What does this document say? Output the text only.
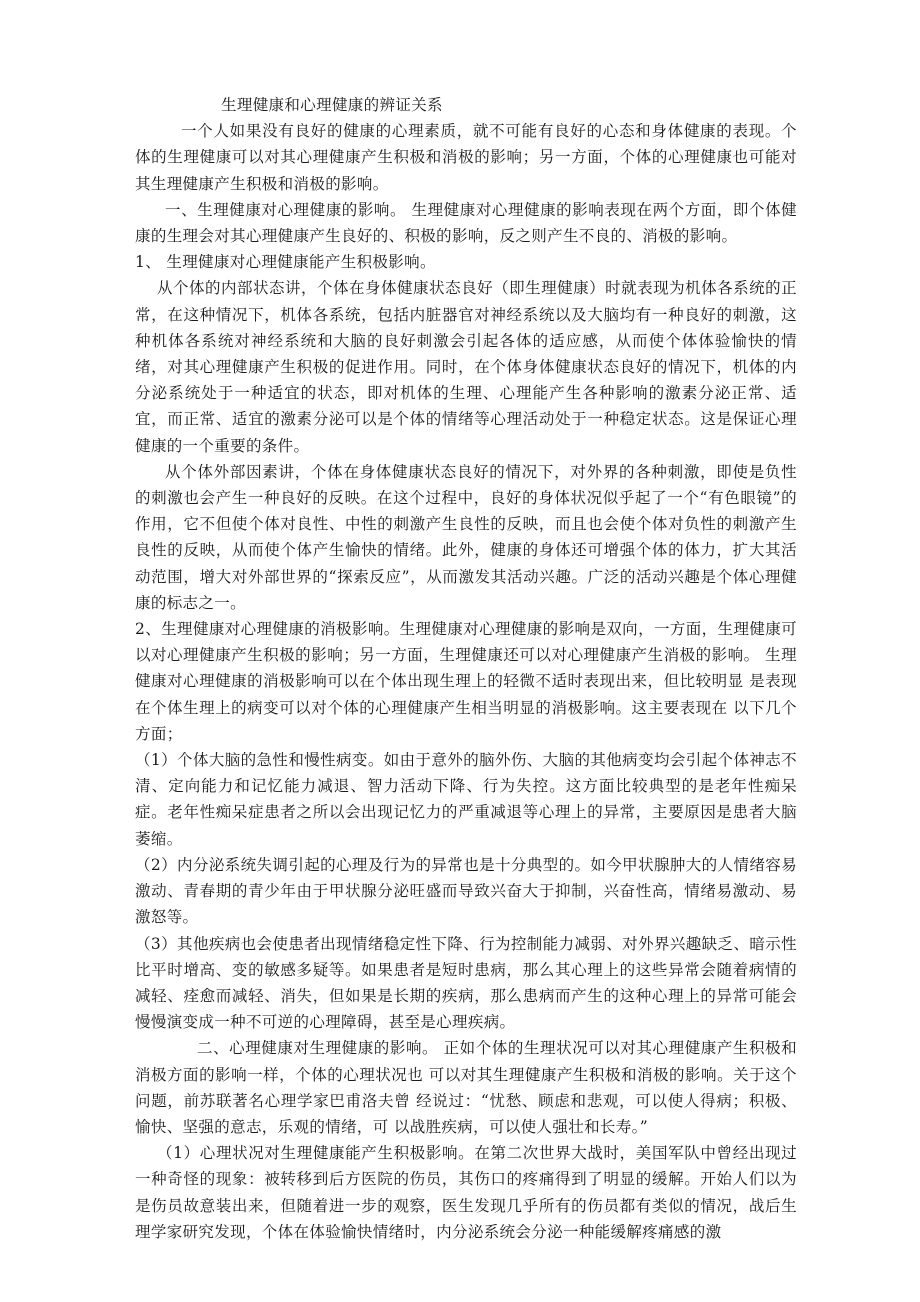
生理健康和心理健康的辨证关系

一个人如果没有良好的健康的心理素质，就不可能有良好的心态和身体健康的表现。个体的生理健康可以对其心理健康产生积极和消极的影响；另一方面，个体的心理健康也可能对其生理健康产生积极和消极的影响。

一、生理健康对心理健康的影响。 生理健康对心理健康的影响表现在两个方面，即个体健康的生理会对其心理健康产生良好的、积极的影响，反之则产生不良的、消极的影响。

1、 生理健康对心理健康能产生积极影响。

从个体的内部状态讲，个体在身体健康状态良好（即生理健康）时就表现为机体各系统的正常，在这种情况下，机体各系统，包括内脏器官对神经系统以及大脑均有一种良好的刺激，这种机体各系统对神经系统和大脑的良好刺激会引起各体的适应感，从而使个体体验愉快的情绪，对其心理健康产生积极的促进作用。同时，在个体身体健康状态良好的情况下，机体的内分泌系统处于一种适宜的状态，即对机体的生理、心理能产生各种影响的激素分泌正常、适宜，而正常、适宜的激素分泌可以是个体的情绪等心理活动处于一种稳定状态。这是保证心理健康的一个重要的条件。

从个体外部因素讲，个体在身体健康状态良好的情况下，对外界的各种刺激，即使是负性的刺激也会产生一种良好的反映。在这个过程中，良好的身体状况似乎起了一个“有色眼镜”的作用，它不但使个体对良性、中性的刺激产生良性的反映，而且也会使个体对负性的刺激产生良性的反映，从而使个体产生愉快的情绪。此外，健康的身体还可增强个体的体力，扩大其活动范围，增大对外部世界的“探索反应”，从而激发其活动兴趣。广泛的活动兴趣是个体心理健康的标志之一。

2、生理健康对心理健康的消极影响。生理健康对心理健康的影响是双向，一方面，生理健康可以对心理健康产生积极的影响；另一方面，生理健康还可以对心理健康产生消极的影响。 生理健康对心理健康的消极影响可以在个体出现生理上的轻微不适时表现出来，但比较明显 是表现在个体生理上的病变可以对个体的心理健康产生相当明显的消极影响。这主要表现在 以下几个方面；

（1）个体大脑的急性和慢性病变。如由于意外的脑外伤、大脑的其他病变均会引起个体神志不清、定向能力和记忆能力减退、智力活动下降、行为失控。这方面比较典型的是老年性痴呆症。老年性痴呆症患者之所以会出现记忆力的严重减退等心理上的异常，主要原因是患者大脑萎缩。

（2）内分泌系统失调引起的心理及行为的异常也是十分典型的。如今甲状腺肿大的人情绪容易激动、青春期的青少年由于甲状腺分泌旺盛而导致兴奋大于抑制，兴奋性高，情绪易激动、易激怒等。

（3）其他疾病也会使患者出现情绪稳定性下降、行为控制能力减弱、对外界兴趣缺乏、暗示性比平时增高、变的敏感多疑等。如果患者是短时患病，那么其心理上的这些异常会随着病情的减轻、痊愈而减轻、消失，但如果是长期的疾病，那么患病而产生的这种心理上的异常可能会慢慢演变成一种不可逆的心理障碍，甚至是心理疾病。

二、心理健康对生理健康的影响。 正如个体的生理状况可以对其心理健康产生积极和消极方面的影响一样，个体的心理状况也 可以对其生理健康产生积极和消极的影响。关于这个问题，前苏联著名心理学家巴甫洛夫曾 经说过：“忧愁、顾虑和悲观，可以使人得病；积极、愉快、坚强的意志，乐观的情绪，可 以战胜疾病，可以使人强壮和长寿。”

（1）心理状况对生理健康能产生积极影响。在第二次世界大战时，美国军队中曾经出现过一种奇怪的现象：被转移到后方医院的伤员，其伤口的疼痛得到了明显的缓解。开始人们以为是伤员故意装出来，但随着进一步的观察，医生发现几乎所有的伤员都有类似的情况，战后生理学家研究发现，个体在体验愉快情绪时，内分泌系统会分泌一种能缓解疼痛感的激
